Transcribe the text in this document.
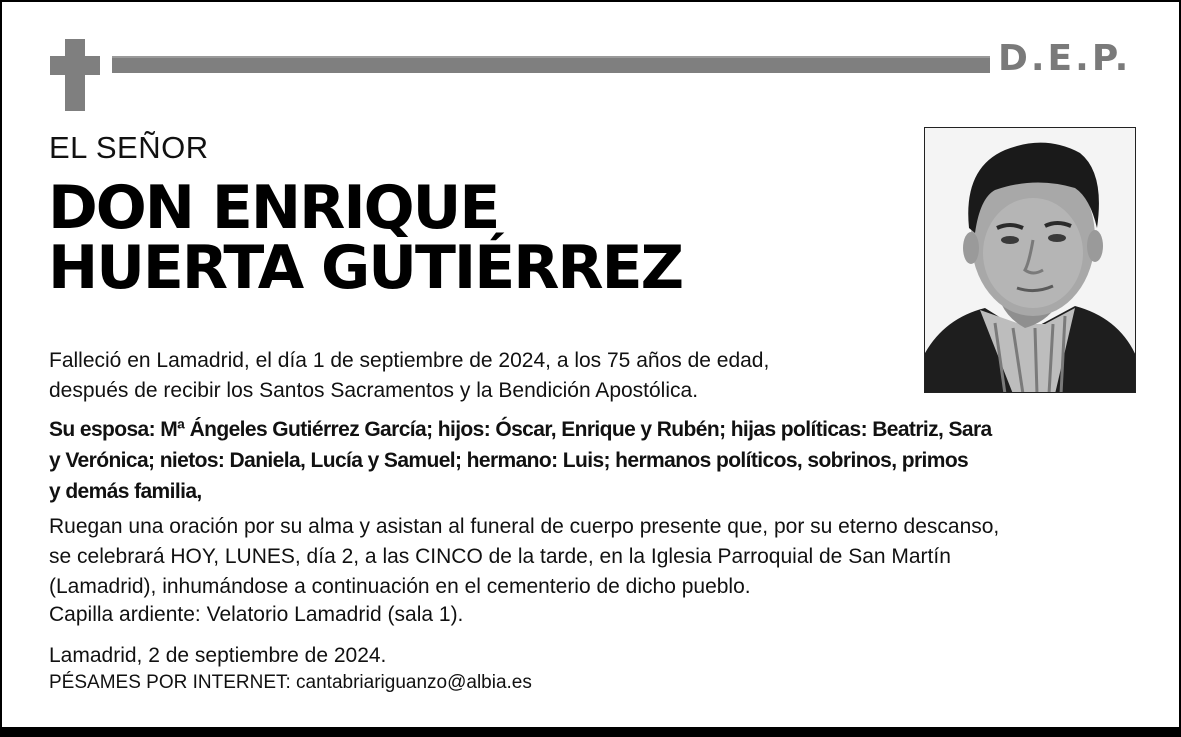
D.E.P.
EL SEÑOR
DON ENRIQUE
HUERTA GUTIÉRREZ
Falleció en Lamadrid, el día 1 de septiembre de 2024, a los 75 años de edad,
después de recibir los Santos Sacramentos y la Bendición Apostólica.
Su esposa: Mª Ángeles Gutiérrez García; hijos: Óscar, Enrique y Rubén; hijas políticas: Beatriz, Sara
y Verónica; nietos: Daniela, Lucía y Samuel; hermano: Luis; hermanos políticos, sobrinos, primos
y demás familia,
Ruegan una oración por su alma y asistan al funeral de cuerpo presente que, por su eterno descanso,
se celebrará HOY, LUNES, día 2, a las CINCO de la tarde, en la Iglesia Parroquial de San Martín
(Lamadrid), inhumándose a continuación en el cementerio de dicho pueblo.
Capilla ardiente: Velatorio Lamadrid (sala 1).
Lamadrid, 2 de septiembre de 2024.
PÉSAMES POR INTERNET: cantabriariguanzo@albia.es
